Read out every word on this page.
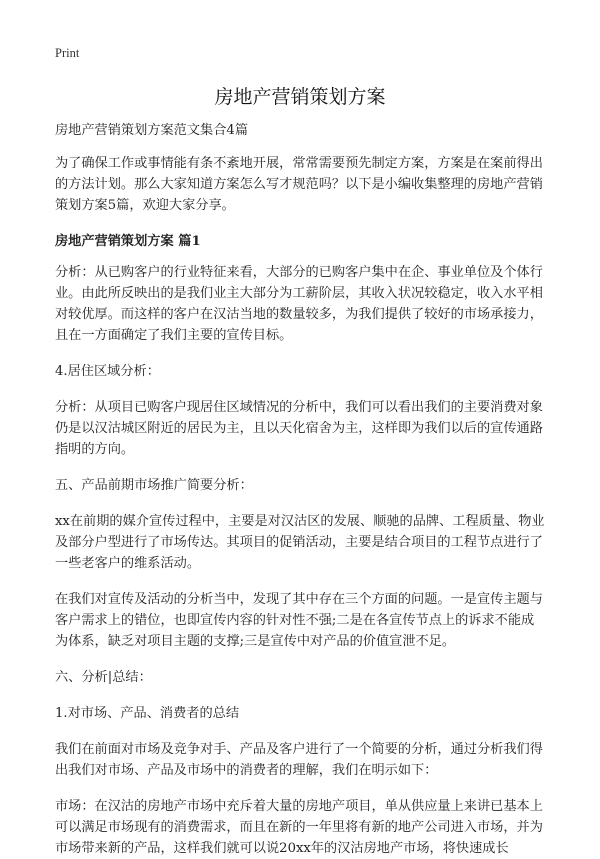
Print
房地产营销策划方案

房地产营销策划方案范文集合4篇

为了确保工作或事情能有条不紊地开展，常常需要预先制定方案，方案是在案前得出的方法计划。那么大家知道方案怎么写才规范吗？以下是小编收集整理的房地产营销策划方案5篇，欢迎大家分享。

房地产营销策划方案 篇1

分析：从已购客户的行业特征来看，大部分的已购客户集中在企、事业单位及个体行业。由此所反映出的是我们业主大部分为工薪阶层，其收入状况较稳定，收入水平相对较优厚。而这样的客户在汉沽当地的数量较多，为我们提供了较好的市场承接力，且在一方面确定了我们主要的宣传目标。

4.居住区域分析：

分析：从项目已购客户现居住区域情况的分析中，我们可以看出我们的主要消费对象仍是以汉沽城区附近的居民为主，且以天化宿舍为主，这样即为我们以后的宣传通路指明的方向。

五、产品前期市场推广简要分析：

xx在前期的媒介宣传过程中，主要是对汉沽区的发展、顺驰的品牌、工程质量、物业及部分户型进行了市场传达。其项目的促销活动，主要是结合项目的工程节点进行了一些老客户的维系活动。

在我们对宣传及活动的分析当中，发现了其中存在三个方面的问题。一是宣传主题与客户需求上的错位，也即宣传内容的针对性不强;二是在各宣传节点上的诉求不能成为体系，缺乏对项目主题的支撑;三是宣传中对产品的价值宣泄不足。

六、分析|总结：

1.对市场、产品、消费者的总结

我们在前面对市场及竞争对手、产品及客户进行了一个简要的分析，通过分析我们得出我们对市场、产品及市场中的消费者的理解，我们在明示如下：

市场：在汉沽的房地产市场中充斥着大量的房地产项目，单从供应量上来讲已基本上可以满足市场现有的消费需求，而且在新的一年里将有新的地产公司进入市场，并为市场带来新的产品，这样我们就可以说20xx年的汉沽房地产市场，将快速成长
